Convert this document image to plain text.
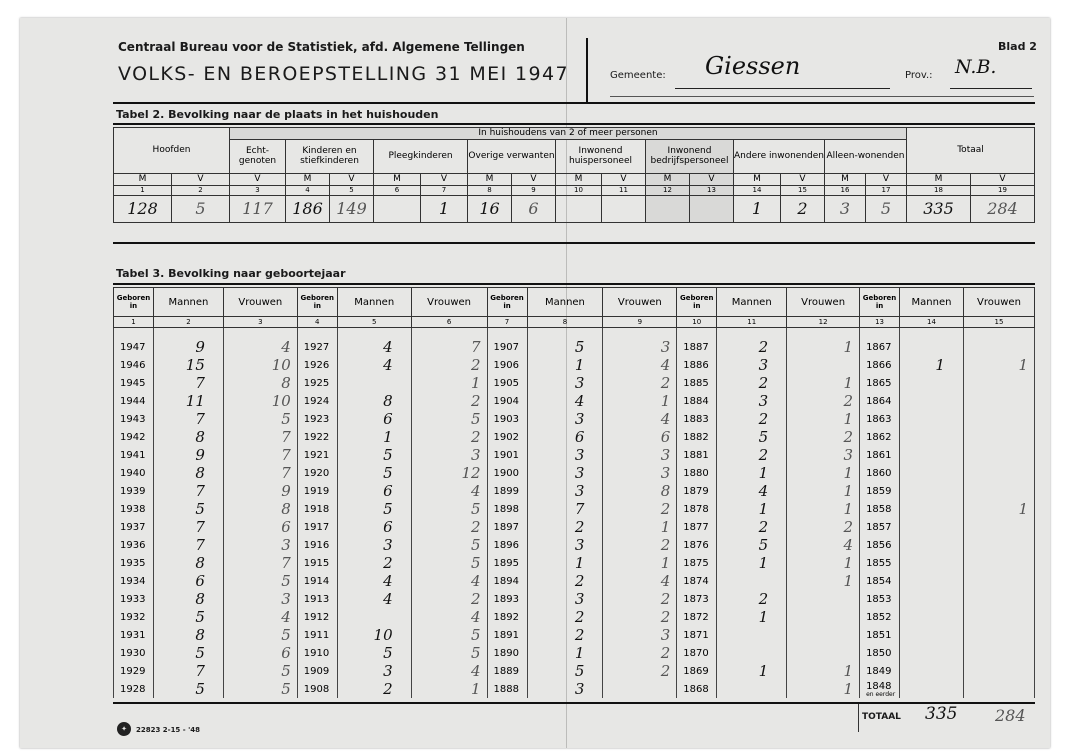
Centraal Bureau voor de Statistiek, afd. Algemene Tellingen
VOLKS- EN BEROEPSTELLING 31 MEI 1947
Blad 2
Gemeente: Giessen	Prov.: N.B.
Tabel 2. Bevolking naar de plaats in het huishouden
Hoofden		In huishoudens van 2 of meer personen															Totaal	
		Echt-genoten	Kinderen en stiefkinderen		Pleegkinderen		Overige verwanten		Inwonend huispersoneel		Inwonend bedrijfspersoneel		Andere inwonenden		Alleen-wonenden			
M	V	V	M	V	M	V	M	V	M	V	M	V	M	V	M	V	M	V
1	2	3	4	5	6	7	8	9	10	11	12	13	14	15	16	17	18	19
128	5	117	186	149		1	16	6					1	2	3	5	335	284
Tabel 3. Bevolking naar geboortejaar
Geboren in	Mannen	Vrouwen	Geboren in	Mannen	Vrouwen	Geboren in	Mannen	Vrouwen	Geboren in	Mannen	Vrouwen	Geboren in	Mannen	Vrouwen
1	2	3	4	5	6	7	8	9	10	11	12	13	14	15

1947	9	4	1927	4	7	1907	5	3	1887	2	1	1867		
1946	15	10	1926	4	2	1906	1	4	1886	3		1866	1	1
1945	7	8	1925		1	1905	3	2	1885	2	1	1865		
1944	11	10	1924	8	2	1904	4	1	1884	3	2	1864		
1943	7	5	1923	6	5	1903	3	4	1883	2	1	1863		
1942	8	7	1922	1	2	1902	6	6	1882	5	2	1862		
1941	9	7	1921	5	3	1901	3	3	1881	2	3	1861		
1940	8	7	1920	5	12	1900	3	3	1880	1	1	1860		
1939	7	9	1919	6	4	1899	3	8	1879	4	1	1859		
1938	5	8	1918	5	5	1898	7	2	1878	1	1	1858		1
1937	7	6	1917	6	2	1897	2	1	1877	2	2	1857		
1936	7	3	1916	3	5	1896	3	2	1876	5	4	1856		
1935	8	7	1915	2	5	1895	1	1	1875	1	1	1855		
1934	6	5	1914	4	4	1894	2	4	1874		1	1854		
1933	8	3	1913	4	2	1893	3	2	1873	2		1853		
1932	5	4	1912		4	1892	2	2	1872	1		1852		
1931	8	5	1911	10	5	1891	2	3	1871			1851		
1930	5	6	1910	5	5	1890	1	2	1870			1850		
1929	7	5	1909	3	4	1889	5	2	1869	1	1	1849		
1928	5	5	1908	2	1	1888	3		1868		1	1848
en eerder		

TOTAAL 335 284
✦	22823 2-15 - '48
